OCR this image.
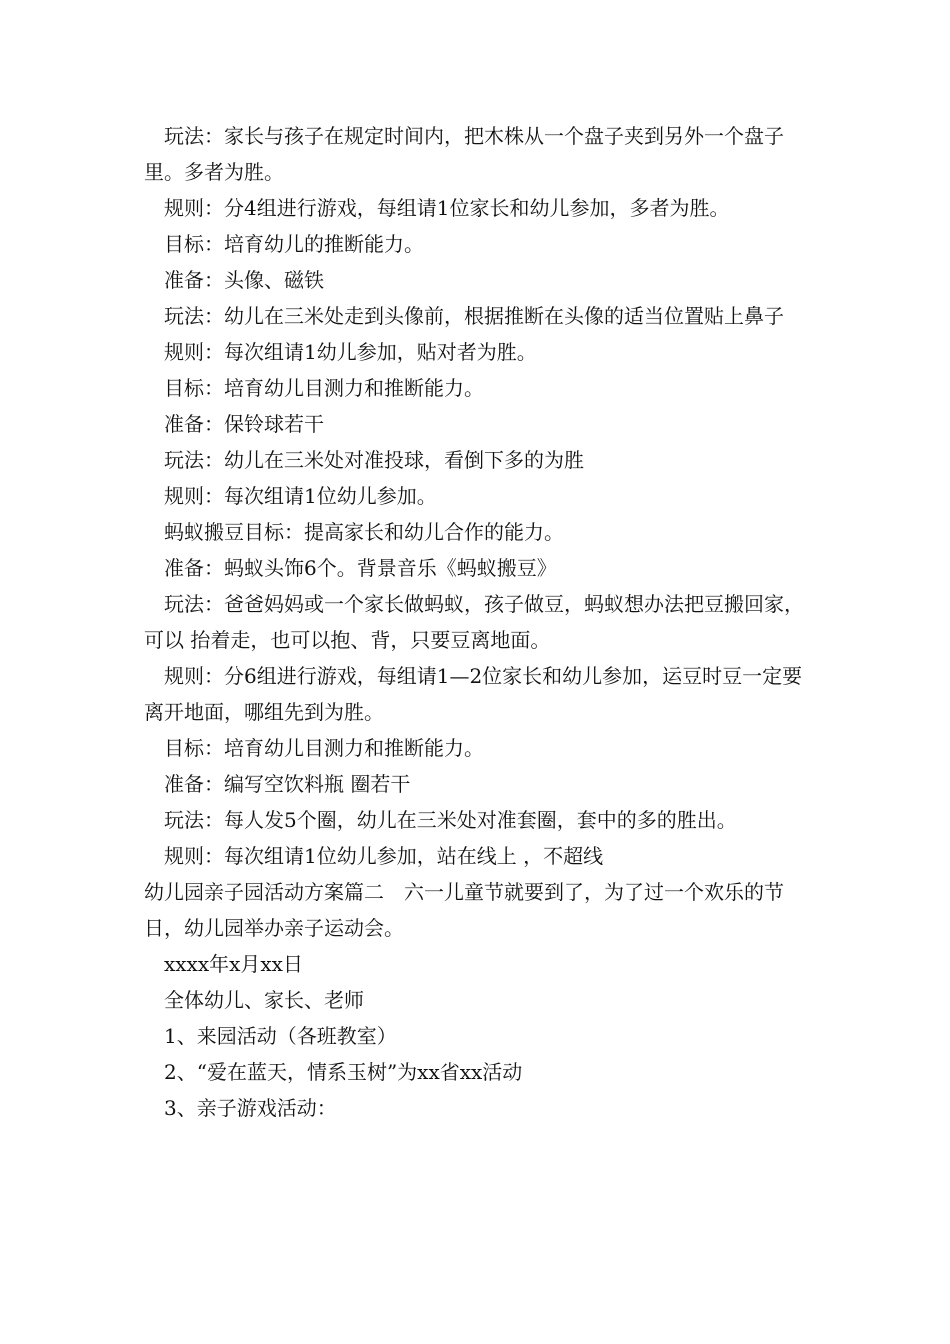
玩法：家长与孩子在规定时间内，把木株从一个盘子夹到另外一个盘子里。多者为胜。

规则：分4组进行游戏，每组请1位家长和幼儿参加，多者为胜。

目标：培育幼儿的推断能力。

准备：头像、磁铁

玩法：幼儿在三米处走到头像前，根据推断在头像的适当位置贴上鼻子

规则：每次组请1幼儿参加，贴对者为胜。

目标：培育幼儿目测力和推断能力。

准备：保铃球若干

玩法：幼儿在三米处对准投球，看倒下多的为胜

规则：每次组请1位幼儿参加。

蚂蚁搬豆目标：提高家长和幼儿合作的能力。

准备：蚂蚁头饰6个。背景音乐《蚂蚁搬豆》

玩法：爸爸妈妈或一个家长做蚂蚁，孩子做豆，蚂蚁想办法把豆搬回家，可以 抬着走，也可以抱、背，只要豆离地面。

规则：分6组进行游戏，每组请1—2位家长和幼儿参加，运豆时豆一定要离开地面，哪组先到为胜。

目标：培育幼儿目测力和推断能力。

准备：编写空饮料瓶 圈若干

玩法：每人发5个圈，幼儿在三米处对准套圈，套中的多的胜出。

规则：每次组请1位幼儿参加，站在线上 ，不超线

幼儿园亲子园活动方案篇二　六一儿童节就要到了，为了过一个欢乐的节日，幼儿园举办亲子运动会。

xxxx年x月xx日

全体幼儿、家长、老师

1、来园活动（各班教室）

2、“爱在蓝天，情系玉树”为xx省xx活动

3、亲子游戏活动：
